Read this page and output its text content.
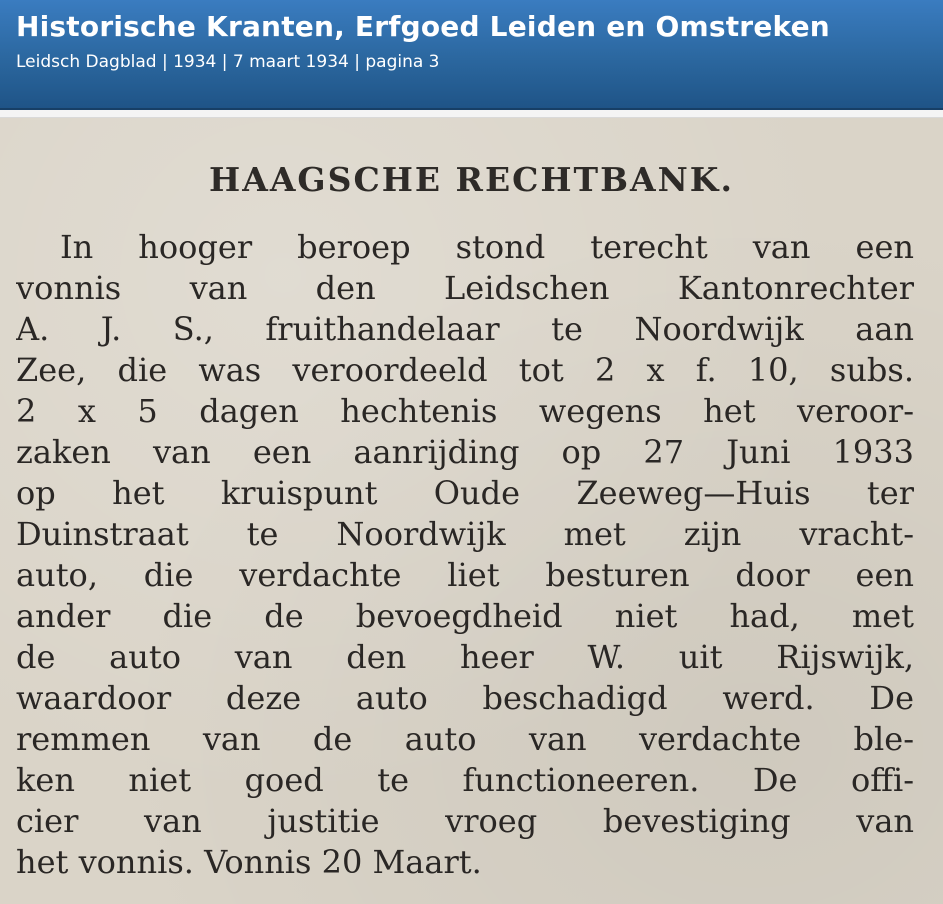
Historische Kranten, Erfgoed Leiden en Omstreken
Leidsch Dagblad | 1934 | 7 maart 1934 | pagina 3
HAAGSCHE RECHTBANK.
In hooger beroep stond terecht van een
vonnis van den Leidschen Kantonrechter
A. J. S., fruithandelaar te Noordwijk aan
Zee, die was veroordeeld tot 2 x f. 10, subs.
2 x 5 dagen hechtenis wegens het veroor-
zaken van een aanrijding op 27 Juni 1933
op het kruispunt Oude Zeeweg—Huis ter
Duinstraat te Noordwijk met zijn vracht-
auto, die verdachte liet besturen door een
ander die de bevoegdheid niet had, met
de auto van den heer W. uit Rijswijk,
waardoor deze auto beschadigd werd. De
remmen van de auto van verdachte ble-
ken niet goed te functioneeren. De offi-
cier van justitie vroeg bevestiging van
het vonnis. Vonnis 20 Maart.
